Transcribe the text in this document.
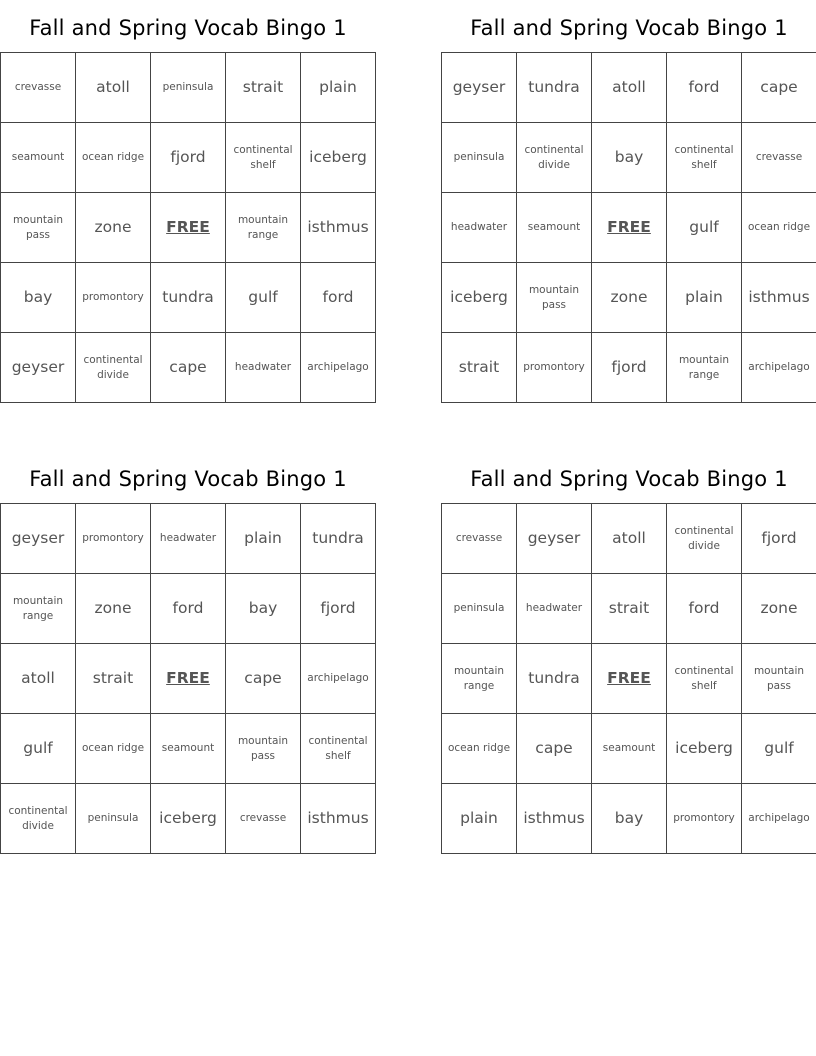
Fall and Spring Vocab Bingo 1
crevasse	atoll	peninsula	strait	plain
seamount	ocean ridge	fjord	continental shelf	iceberg
mountain pass	zone	FREE	mountain range	isthmus
bay	promontory	tundra	gulf	ford
geyser	continental divide	cape	headwater	archipelago
Fall and Spring Vocab Bingo 1
geyser	tundra	atoll	ford	cape
peninsula	continental divide	bay	continental shelf	crevasse
headwater	seamount	FREE	gulf	ocean ridge
iceberg	mountain pass	zone	plain	isthmus
strait	promontory	fjord	mountain range	archipelago
Fall and Spring Vocab Bingo 1
geyser	promontory	headwater	plain	tundra
mountain range	zone	ford	bay	fjord
atoll	strait	FREE	cape	archipelago
gulf	ocean ridge	seamount	mountain pass	continental shelf
continental divide	peninsula	iceberg	crevasse	isthmus
Fall and Spring Vocab Bingo 1
crevasse	geyser	atoll	continental divide	fjord
peninsula	headwater	strait	ford	zone
mountain range	tundra	FREE	continental shelf	mountain pass
ocean ridge	cape	seamount	iceberg	gulf
plain	isthmus	bay	promontory	archipelago
